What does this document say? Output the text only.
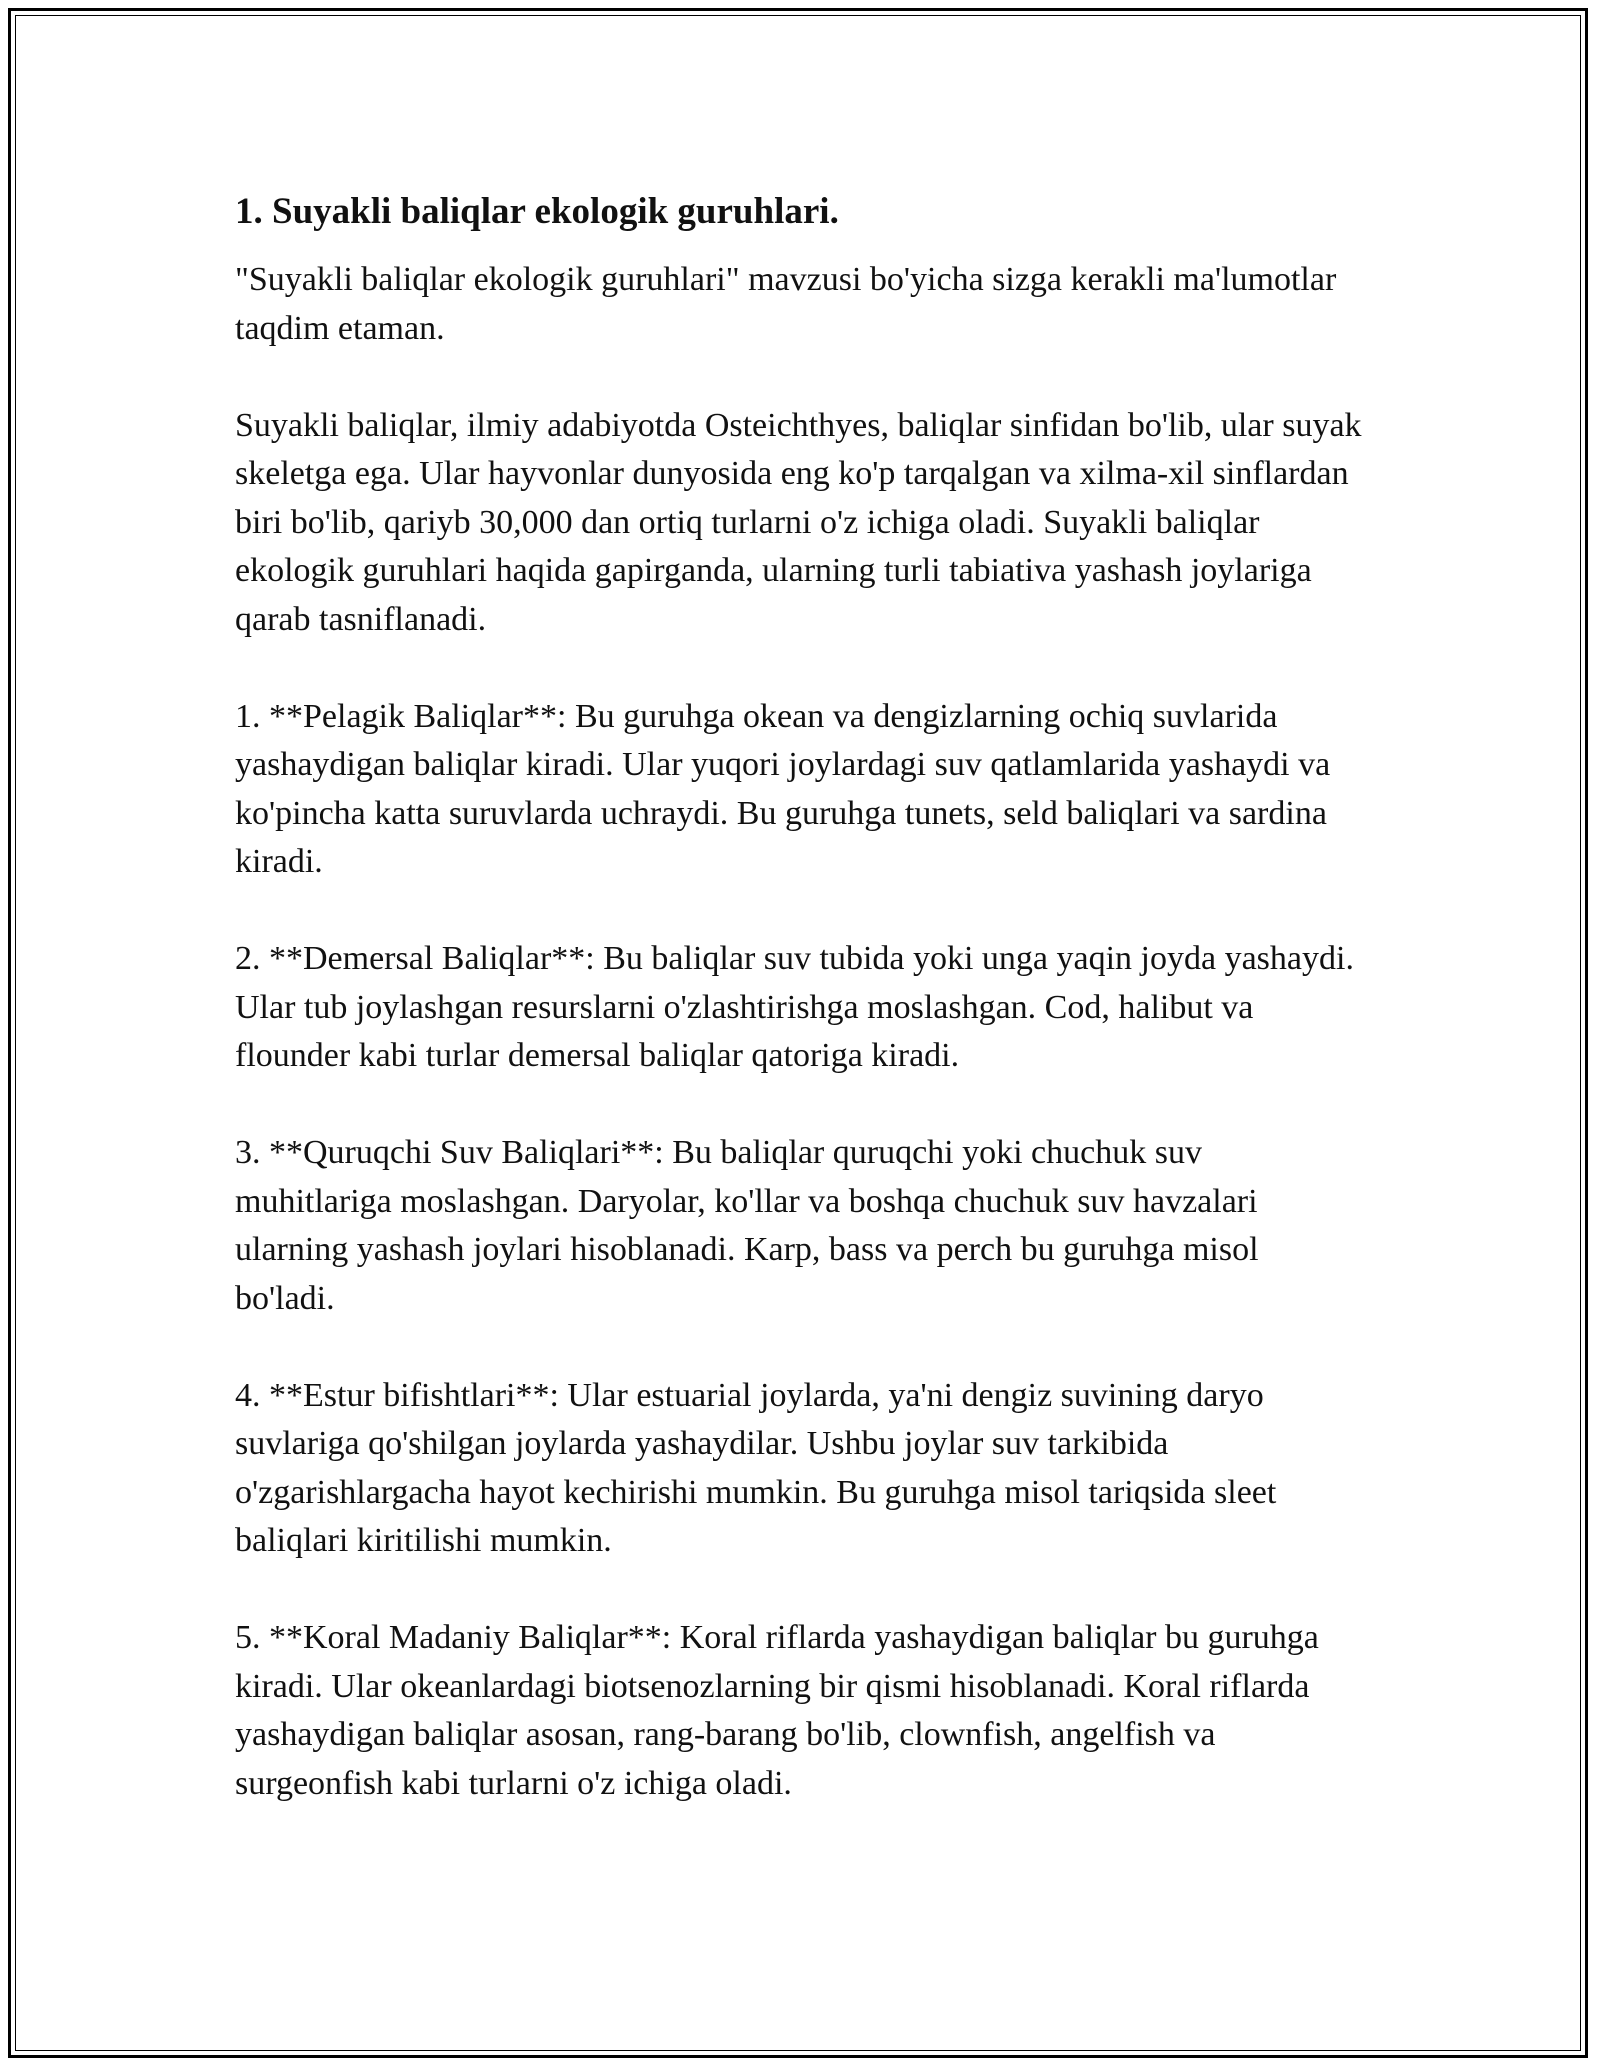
1. Suyakli baliqlar ekologik guruhlari.

"Suyakli baliqlar ekologik guruhlari" mavzusi bo'yicha sizga kerakli ma'lumotlar taqdim etaman.

Suyakli baliqlar, ilmiy adabiyotda Osteichthyes, baliqlar sinfidan bo'lib, ular suyak skeletga ega. Ular hayvonlar dunyosida eng ko'p tarqalgan va xilma-xil sinflardan biri bo'lib, qariyb 30,000 dan ortiq turlarni o'z ichiga oladi. Suyakli baliqlar ekologik guruhlari haqida gapirganda, ularning turli tabiativa yashash joylariga qarab tasniflanadi.

1. **Pelagik Baliqlar**: Bu guruhga okean va dengizlarning ochiq suvlarida yashaydigan baliqlar kiradi. Ular yuqori joylardagi suv qatlamlarida yashaydi va ko'pincha katta suruvlarda uchraydi. Bu guruhga tunets, seld baliqlari va sardina kiradi.

2. **Demersal Baliqlar**: Bu baliqlar suv tubida yoki unga yaqin joyda yashaydi. Ular tub joylashgan resurslarni o'zlashtirishga moslashgan. Cod, halibut va flounder kabi turlar demersal baliqlar qatoriga kiradi.

3. **Quruqchi Suv Baliqlari**: Bu baliqlar quruqchi yoki chuchuk suv muhitlariga moslashgan. Daryolar, ko'llar va boshqa chuchuk suv havzalari ularning yashash joylari hisoblanadi. Karp, bass va perch bu guruhga misol bo'ladi.

4. **Estur bifishtlari**: Ular estuarial joylarda, ya'ni dengiz suvining daryo suvlariga qo'shilgan joylarda yashaydilar. Ushbu joylar suv tarkibida o'zgarishlargacha hayot kechirishi mumkin. Bu guruhga misol tariqsida sleet baliqlari kiritilishi mumkin.

5. **Koral Madaniy Baliqlar**: Koral riflarda yashaydigan baliqlar bu guruhga kiradi. Ular okeanlardagi biotsenozlarning bir qismi hisoblanadi. Koral riflarda yashaydigan baliqlar asosan, rang-barang bo'lib, clownfish, angelfish va surgeonfish kabi turlarni o'z ichiga oladi.
